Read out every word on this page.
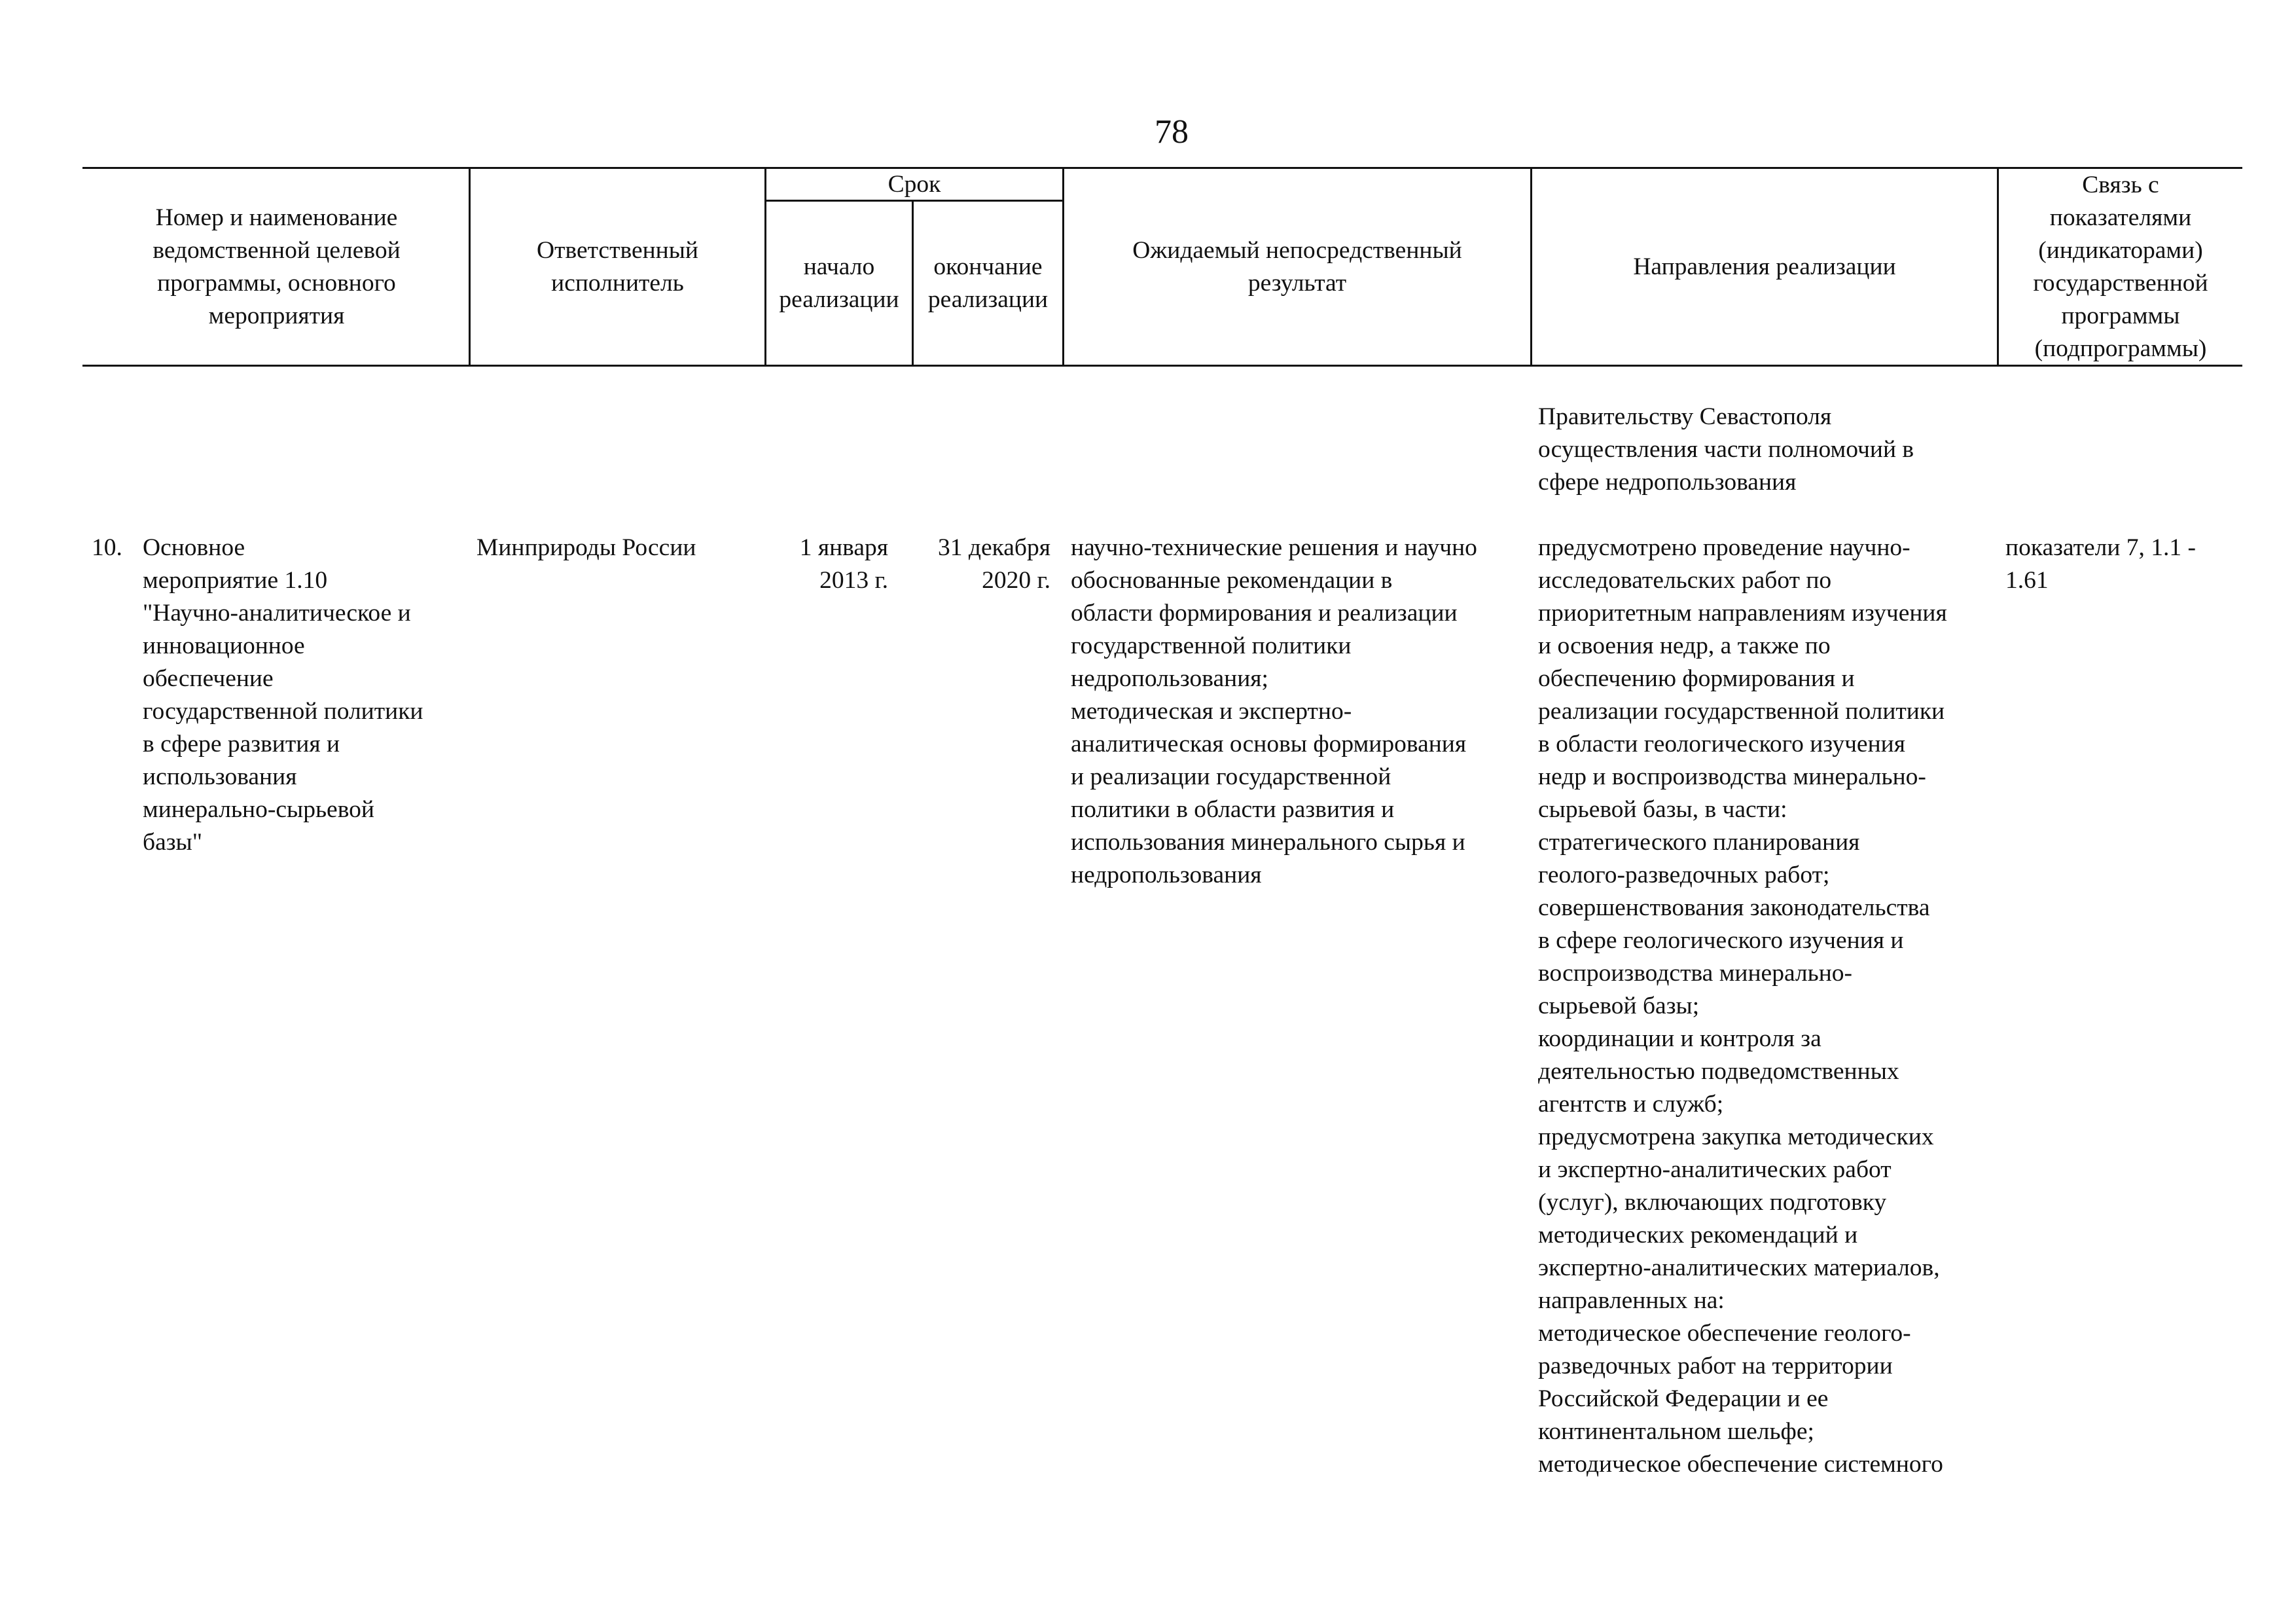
78
Номер и наименование
ведомственной целевой
программы, основного
мероприятия
Ответственный
исполнитель
Срок
начало
реализации
окончание
реализации
Ожидаемый непосредственный
результат
Направления реализации
Связь с
показателями
(индикаторами)
государственной
программы
(подпрограммы)
Правительству Севастополя
осуществления части полномочий в
сфере недропользования
10. Основное
мероприятие 1.10
"Научно-аналитическое и
инновационное
обеспечение
государственной политики
в сфере развития и
использования
минерально-сырьевой
базы"
Минприроды России	1 января
2013 г.
31 декабря
2020 г.
научно-технические решения и научно
обоснованные рекомендации в
области формирования и реализации
государственной политики
недропользования;
методическая и экспертно-
аналитическая основы формирования
и реализации государственной
политики в области развития и
использования минерального сырья и
недропользования
предусмотрено проведение научно-
исследовательских работ по
приоритетным направлениям изучения
и освоения недр, а также по
обеспечению формирования и
реализации государственной политики
в области геологического изучения
недр и воспроизводства минерально-
сырьевой базы, в части:
стратегического планирования
геолого-разведочных работ;
совершенствования законодательства
в сфере геологического изучения и
воспроизводства минерально-
сырьевой базы;
координации и контроля за
деятельностью подведомственных
агентств и служб;
предусмотрена закупка методических
и экспертно-аналитических работ
(услуг), включающих подготовку
методических рекомендаций и
экспертно-аналитических материалов,
направленных на:
методическое обеспечение геолого-
разведочных работ на территории
Российской Федерации и ее
континентальном шельфе;
методическое обеспечение системного
показатели 7, 1.1 -
1.61
